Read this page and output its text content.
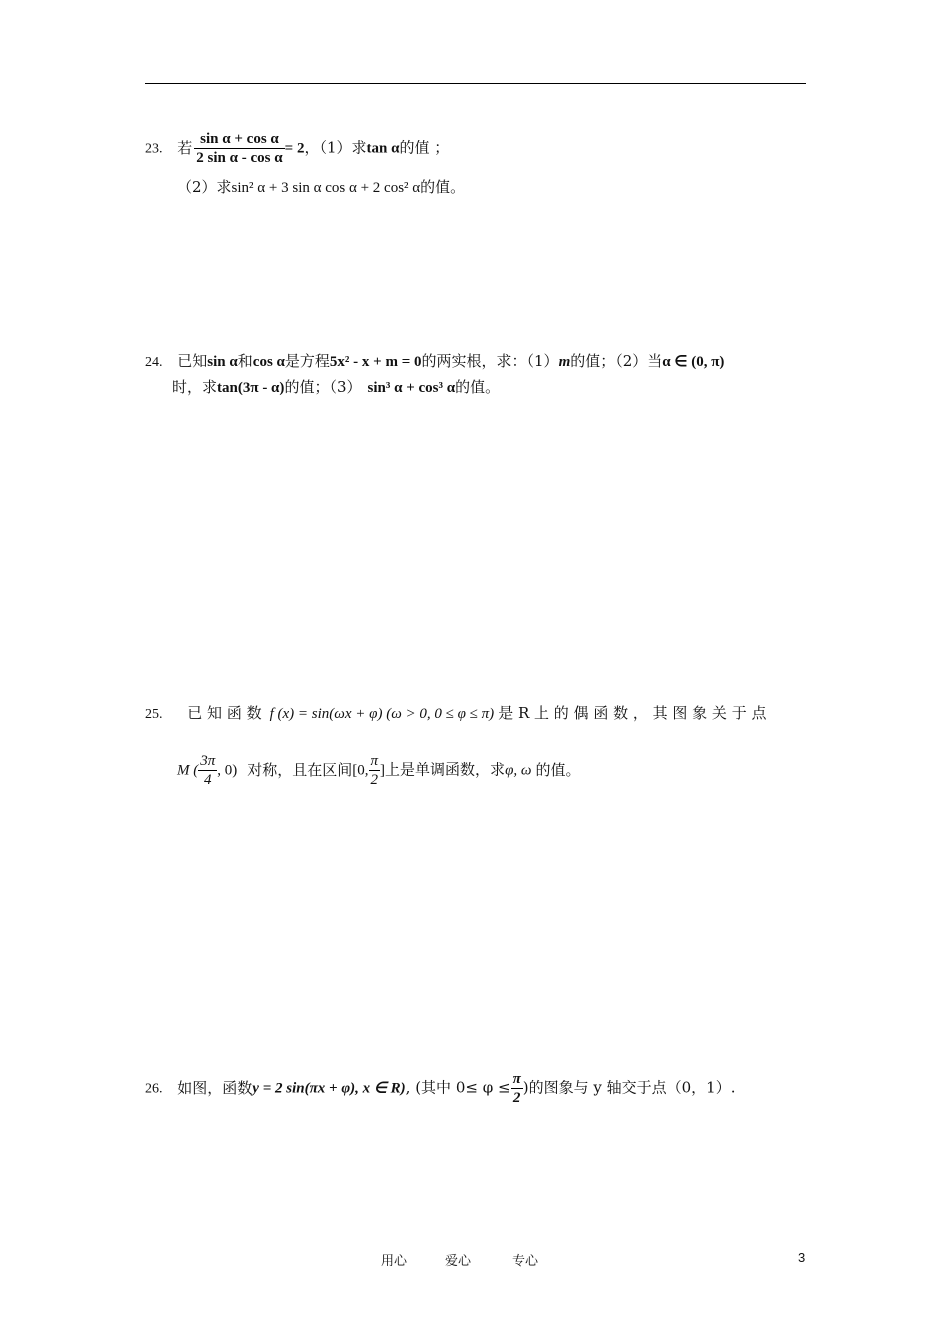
23. 若 $\frac{\text{sin α + cos α}}{\text{2 sin α - cos α}} = 2$，（1）求tan α的值 ；
（2）求sin² α + 3 sin α cos α + 2 cos² α的值。
24. 已知sin α和cos α是方程5x² - x + m = 0的两实根，求：（1）m的值；（2）当α ∈ (0, π)
时，求tan(3π - α)的值；（3） sin³ α + cos³ α的值。
25. 已 知 函 数 f (x) = sin(ωx + φ) (ω > 0, 0 ≤ φ ≤ π) 是 R 上 的 偶 函 数 ， 其 图 象 关 于 点
M ( $\frac{3\pi}{4}$ , 0) 对称，且在区间[0, $\frac{\pi}{2}$ ]上是单调函数，求φ, ω 的值。
26. 如图，函数y = 2 sin(πx + φ), x ∈ R), (其中 $0\le \varphi \le \frac{\pi}{2}$ )的图象与 y 轴交于点（0，1）.
用心	爱心	专心	3
